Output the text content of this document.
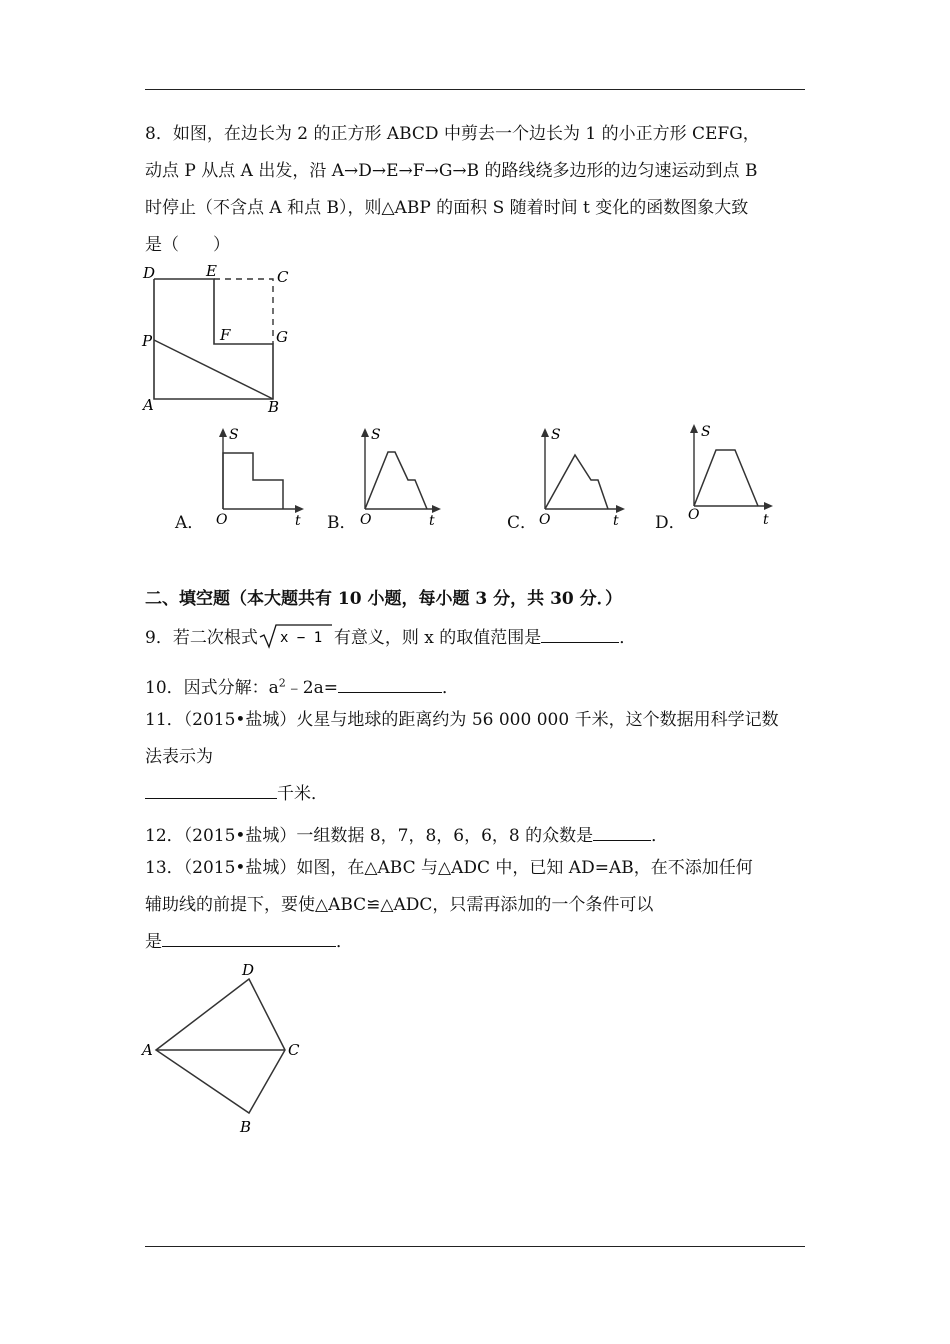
8．如图，在边长为 2 的正方形 ABCD 中剪去一个边长为 1 的小正方形 CEFG，
动点 P 从点 A 出发，沿 A→D→E→F→G→B 的路线绕多边形的边匀速运动到点 B
时停止（不含点 A 和点 B），则△ABP 的面积 S 随着时间 t 变化的函数图象大致
是（　　）
D	E	C
F	G
P
A	B
A．
S
O	t B．
S
O	t	C．
S
O	t D．
S
O	t
二、填空题（本大题共有 10 小题，每小题 3 分，共 30 分．）
9．若二次根式 x − 1 有意义，则 x 的取值范围是	．
10．因式分解：$a^2﹣2a=$	．
11．（2015•盐城）火星与地球的距离约为 56 000 000 千米，这个数据用科学记数
法表示为
千米．
12．（2015•盐城）一组数据 8，7，8，6，6，8 的众数是	．
13．（2015•盐城）如图，在△ABC 与△ADC 中，已知 AD=AB，在不添加任何
辅助线的前提下，要使△ABC≌△ADC，只需再添加的一个条件可以
是	．
D
A	C
B
